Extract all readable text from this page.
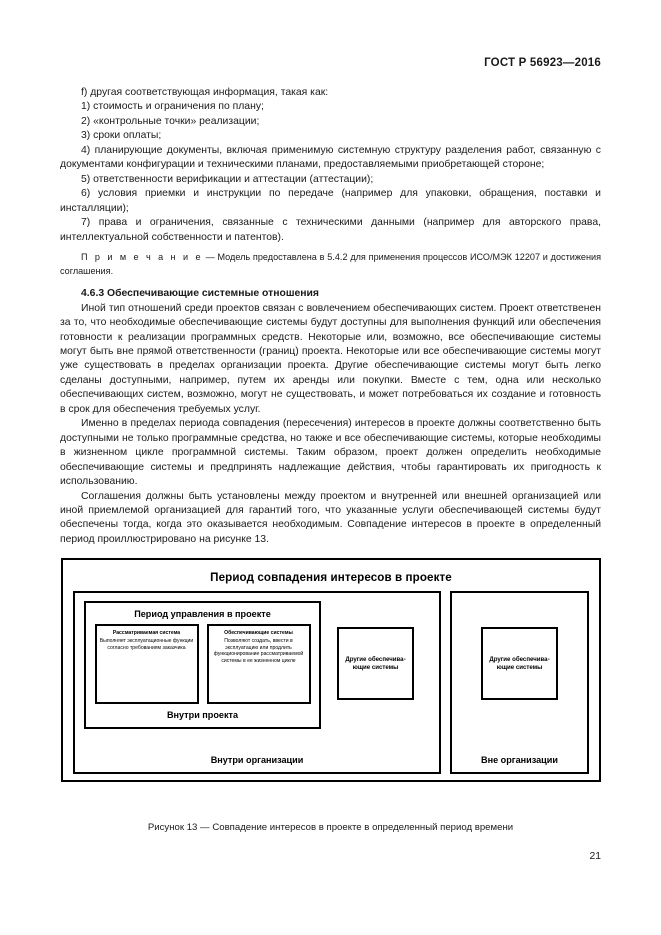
ГОСТ Р 56923—2016

f) другая соответствующая информация, такая как:

1) стоимость и ограничения по плану;

2) «контрольные точки» реализации;

3) сроки оплаты;

4) планирующие документы, включая применимую системную структуру разделения работ, связанную с документами конфигурации и техническими планами, предоставляемыми приобретающей стороне;

5) ответственности верификации и аттестации (аттестации);

6) условия приемки и инструкции по передаче (например для упаковки, обращения, поставки и инсталляции);

7) права и ограничения, связанные с техническими данными (например для авторского права, интеллектуальной собственности и патентов).

П р и м е ч а н и е — Модель предоставлена в 5.4.2 для применения процессов ИСО/МЭК 12207 и достижения соглашения.

4.6.3 Обеспечивающие системные отношения

Иной тип отношений среди проектов связан с вовлечением обеспечивающих систем. Проект ответственен за то, что необходимые обеспечивающие системы будут доступны для выполнения функций или обеспечения готовности к реализации программных средств. Некоторые или, возможно, все обеспечивающие системы могут быть вне прямой ответственности (границ) проекта. Некоторые или все обеспечивающие системы могут уже существовать в пределах организации проекта. Другие обеспечивающие системы могут быть легко сделаны доступными, например, путем их аренды или покупки. Вместе с тем, одна или несколько обеспечивающих систем, возможно, могут не существовать, и может потребоваться их создание и готовность в срок для обеспечения требуемых услуг.

Именно в пределах периода совпадения (пересечения) интересов в проекте должны соответственно быть доступными не только программные средства, но также и все обеспечивающие системы, которые необходимы в жизненном цикле программной системы. Таким образом, проект должен определить необходимые обеспечивающие системы и предпринять надлежащие действия, чтобы гарантировать их пригодность к использованию.

Соглашения должны быть установлены между проектом и внутренней или внешней организацией или иной приемлемой организацией для гарантий того, что указанные услуги обеспечивающей системы будут обеспечены тогда, когда это оказывается необходимым. Совпадение интересов в проекте в определенный период проиллюстрировано на рисунке 13.

Период совпадения интересов в проекте
Период управления в проекте
Рассматриваемая система
Выполняет эксплуатационные функции согласно требованиям заказчика
Обеспечивающие системы
Позволяют создать, ввести в эксплуатацию или продлить функционирование рассматриваемой системы в ее жизненном цикле
Внутри проекта
Другие обеспечивающие системы
Внутри организации
Другие обеспечивающие системы
Вне организации
Рисунок 13 — Совпадение интересов в проекте в определенный период времени
21
